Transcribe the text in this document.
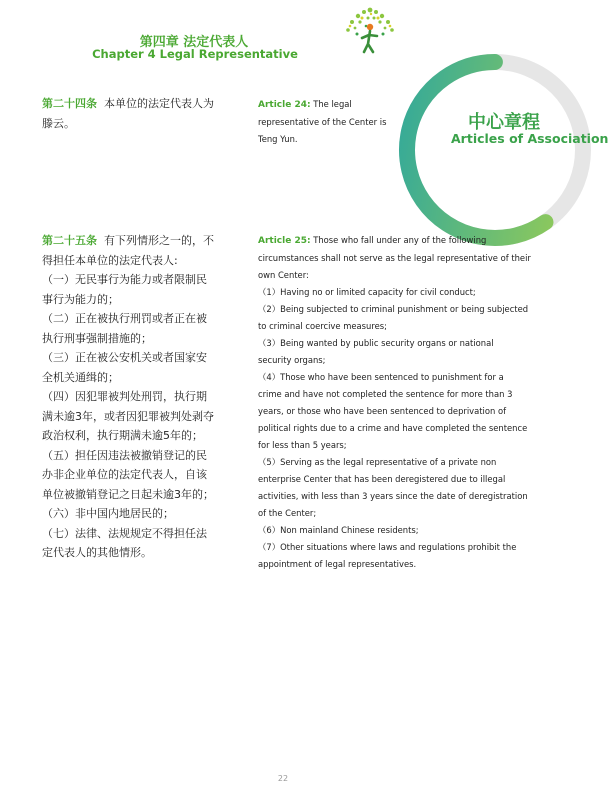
第四章 法定代表人
Chapter 4 Legal Representative
中心章程
Articles of Association

第二十四条 本单位的法定代表人为

滕云。

Article 24: The legal

representative of the Center is

Teng Yun.

第二十五条 有下列情形之一的，不

得担任本单位的法定代表人:

（一）无民事行为能力或者限制民

事行为能力的；

（二）正在被执行刑罚或者正在被

执行刑事强制措施的；

（三）正在被公安机关或者国家安

全机关通缉的；

（四）因犯罪被判处刑罚，执行期

满未逾3年，或者因犯罪被判处剥夺

政治权利，执行期满未逾5年的；

（五）担任因违法被撤销登记的民

办非企业单位的法定代表人，自该

单位被撤销登记之日起未逾3年的；

（六）非中国内地居民的；

（七）法律、法规规定不得担任法

定代表人的其他情形。

Article 25: Those who fall under any of the following

circumstances shall not serve as the legal representative of their

own Center:

（1）Having no or limited capacity for civil conduct;

（2）Being subjected to criminal punishment or being subjected

to criminal coercive measures;

（3）Being wanted by public security organs or national

security organs;

（4）Those who have been sentenced to punishment for a

crime and have not completed the sentence for more than 3

years, or those who have been sentenced to deprivation of

political rights due to a crime and have completed the sentence

for less than 5 years;

（5）Serving as the legal representative of a private non

enterprise Center that has been deregistered due to illegal

activities, with less than 3 years since the date of deregistration

of the Center;

（6）Non mainland Chinese residents;

（7）Other situations where laws and regulations prohibit the

appointment of legal representatives.

22
